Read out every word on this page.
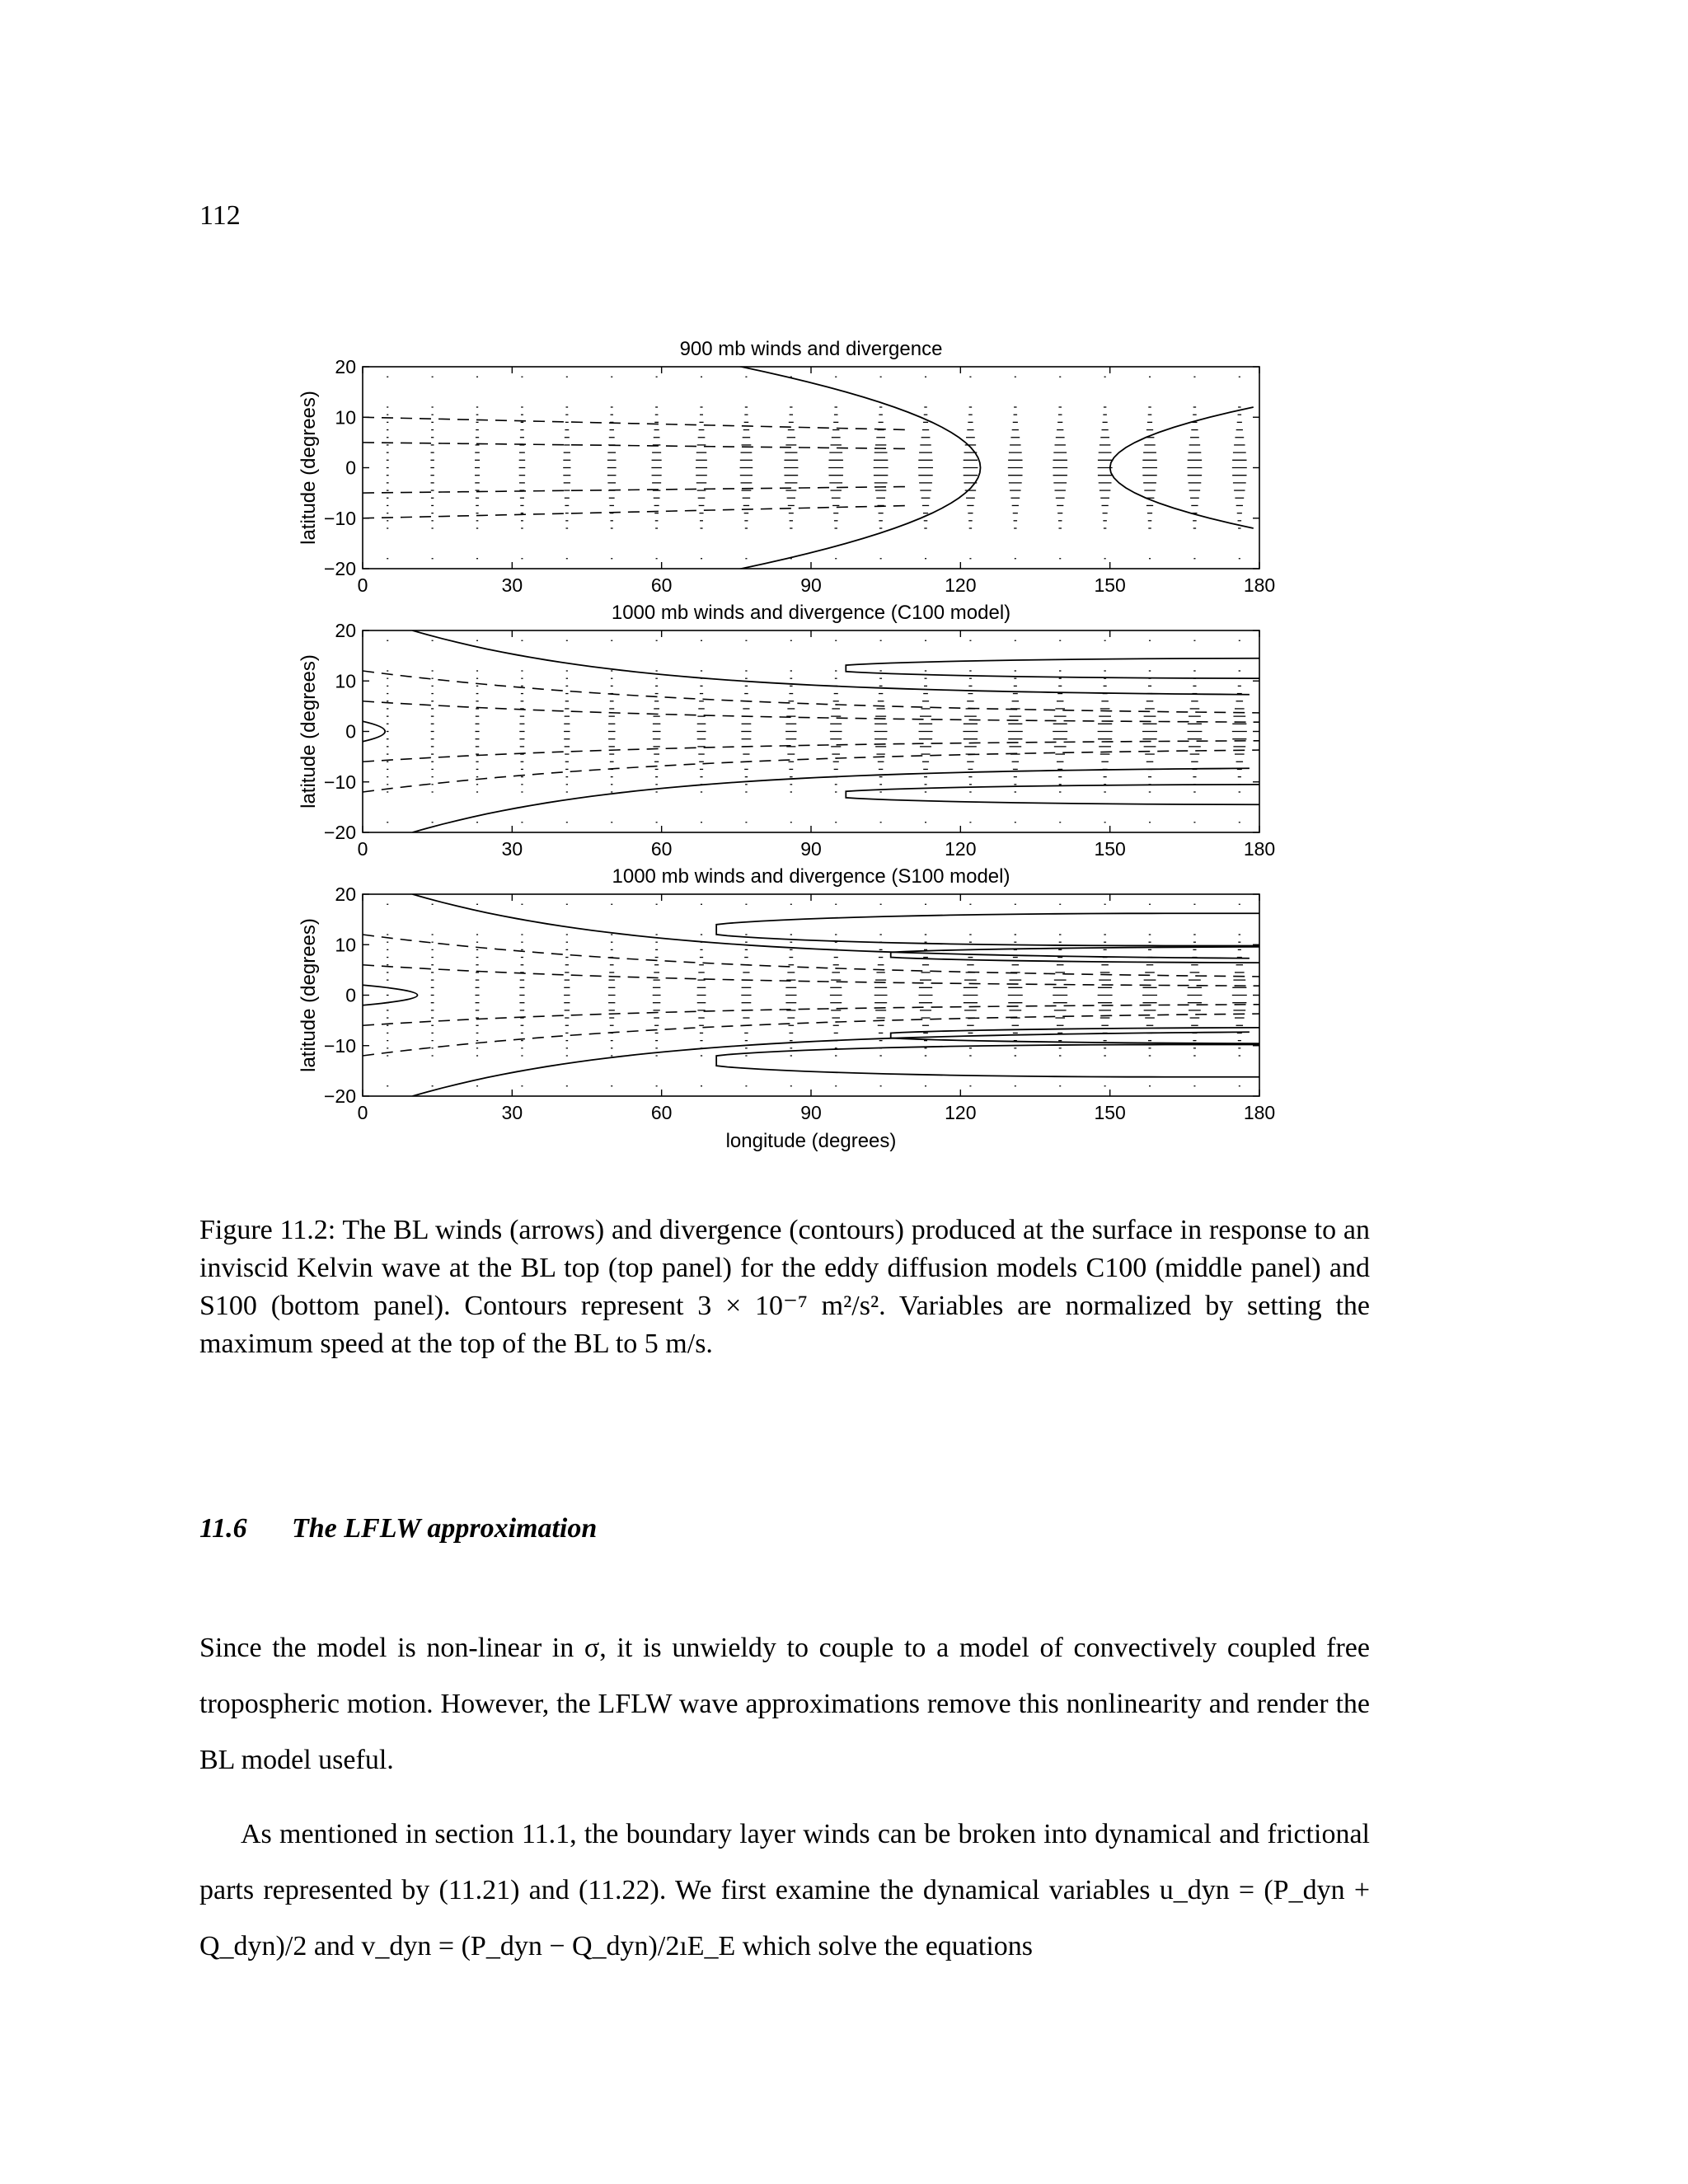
112
900 mb winds and divergence
0	30	60	90	120	150	180
20
10
0
−10
−20
latitude (degrees)
1000 mb winds and divergence (C100 model)
0	30	60	90	120	150	180
20
10
0
−10
−20
latitude (degrees)
1000 mb winds and divergence (S100 model)
0	30	60	90	120	150	180
20
10
0
−10
−20
latitude (degrees)
longitude (degrees)
Figure 11.2: The BL winds (arrows) and divergence (contours) produced at the surface in response to an inviscid Kelvin wave at the BL top (top panel) for the eddy diffusion models C100 (middle panel) and S100 (bottom panel). Contours represent 3 × 10⁻⁷ m²/s². Variables are normalized by setting the maximum speed at the top of the BL to 5 m/s.
11.6 The LFLW approximation
Since the model is non-linear in σ, it is unwieldy to couple to a model of convectively coupled free tropospheric motion. However, the LFLW wave approximations remove this nonlinearity and render the BL model useful.
As mentioned in section 11.1, the boundary layer winds can be broken into dynamical and frictional parts represented by (11.21) and (11.22). We first examine the dynamical variables u_dyn = (P_dyn + Q_dyn)/2 and v_dyn = (P_dyn − Q_dyn)/2ıE_E which solve the equations
